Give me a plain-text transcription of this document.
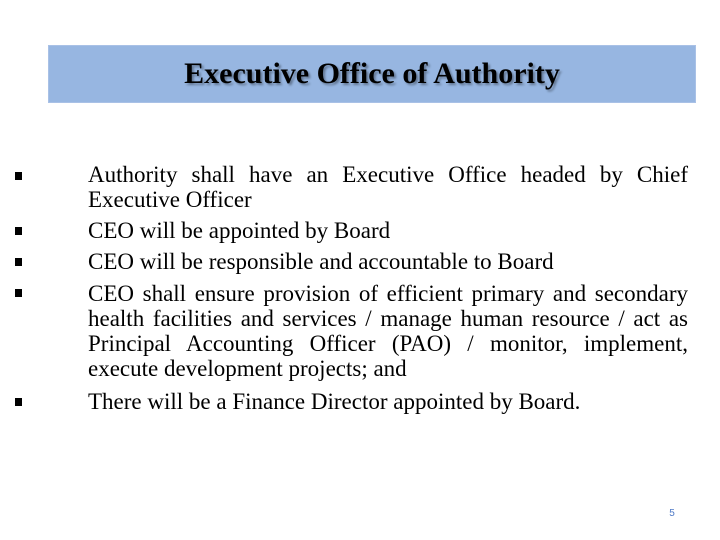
Executive Office of Authority
Authority shall have an Executive Office headed by Chief Executive Officer
CEO will be appointed by Board
CEO will be responsible and accountable to Board
CEO shall ensure provision of efficient primary and secondary health facilities and services / manage human resource / act as Principal Accounting Officer (PAO) / monitor, implement, execute development projects; and
There will be a Finance Director appointed by Board.
5
